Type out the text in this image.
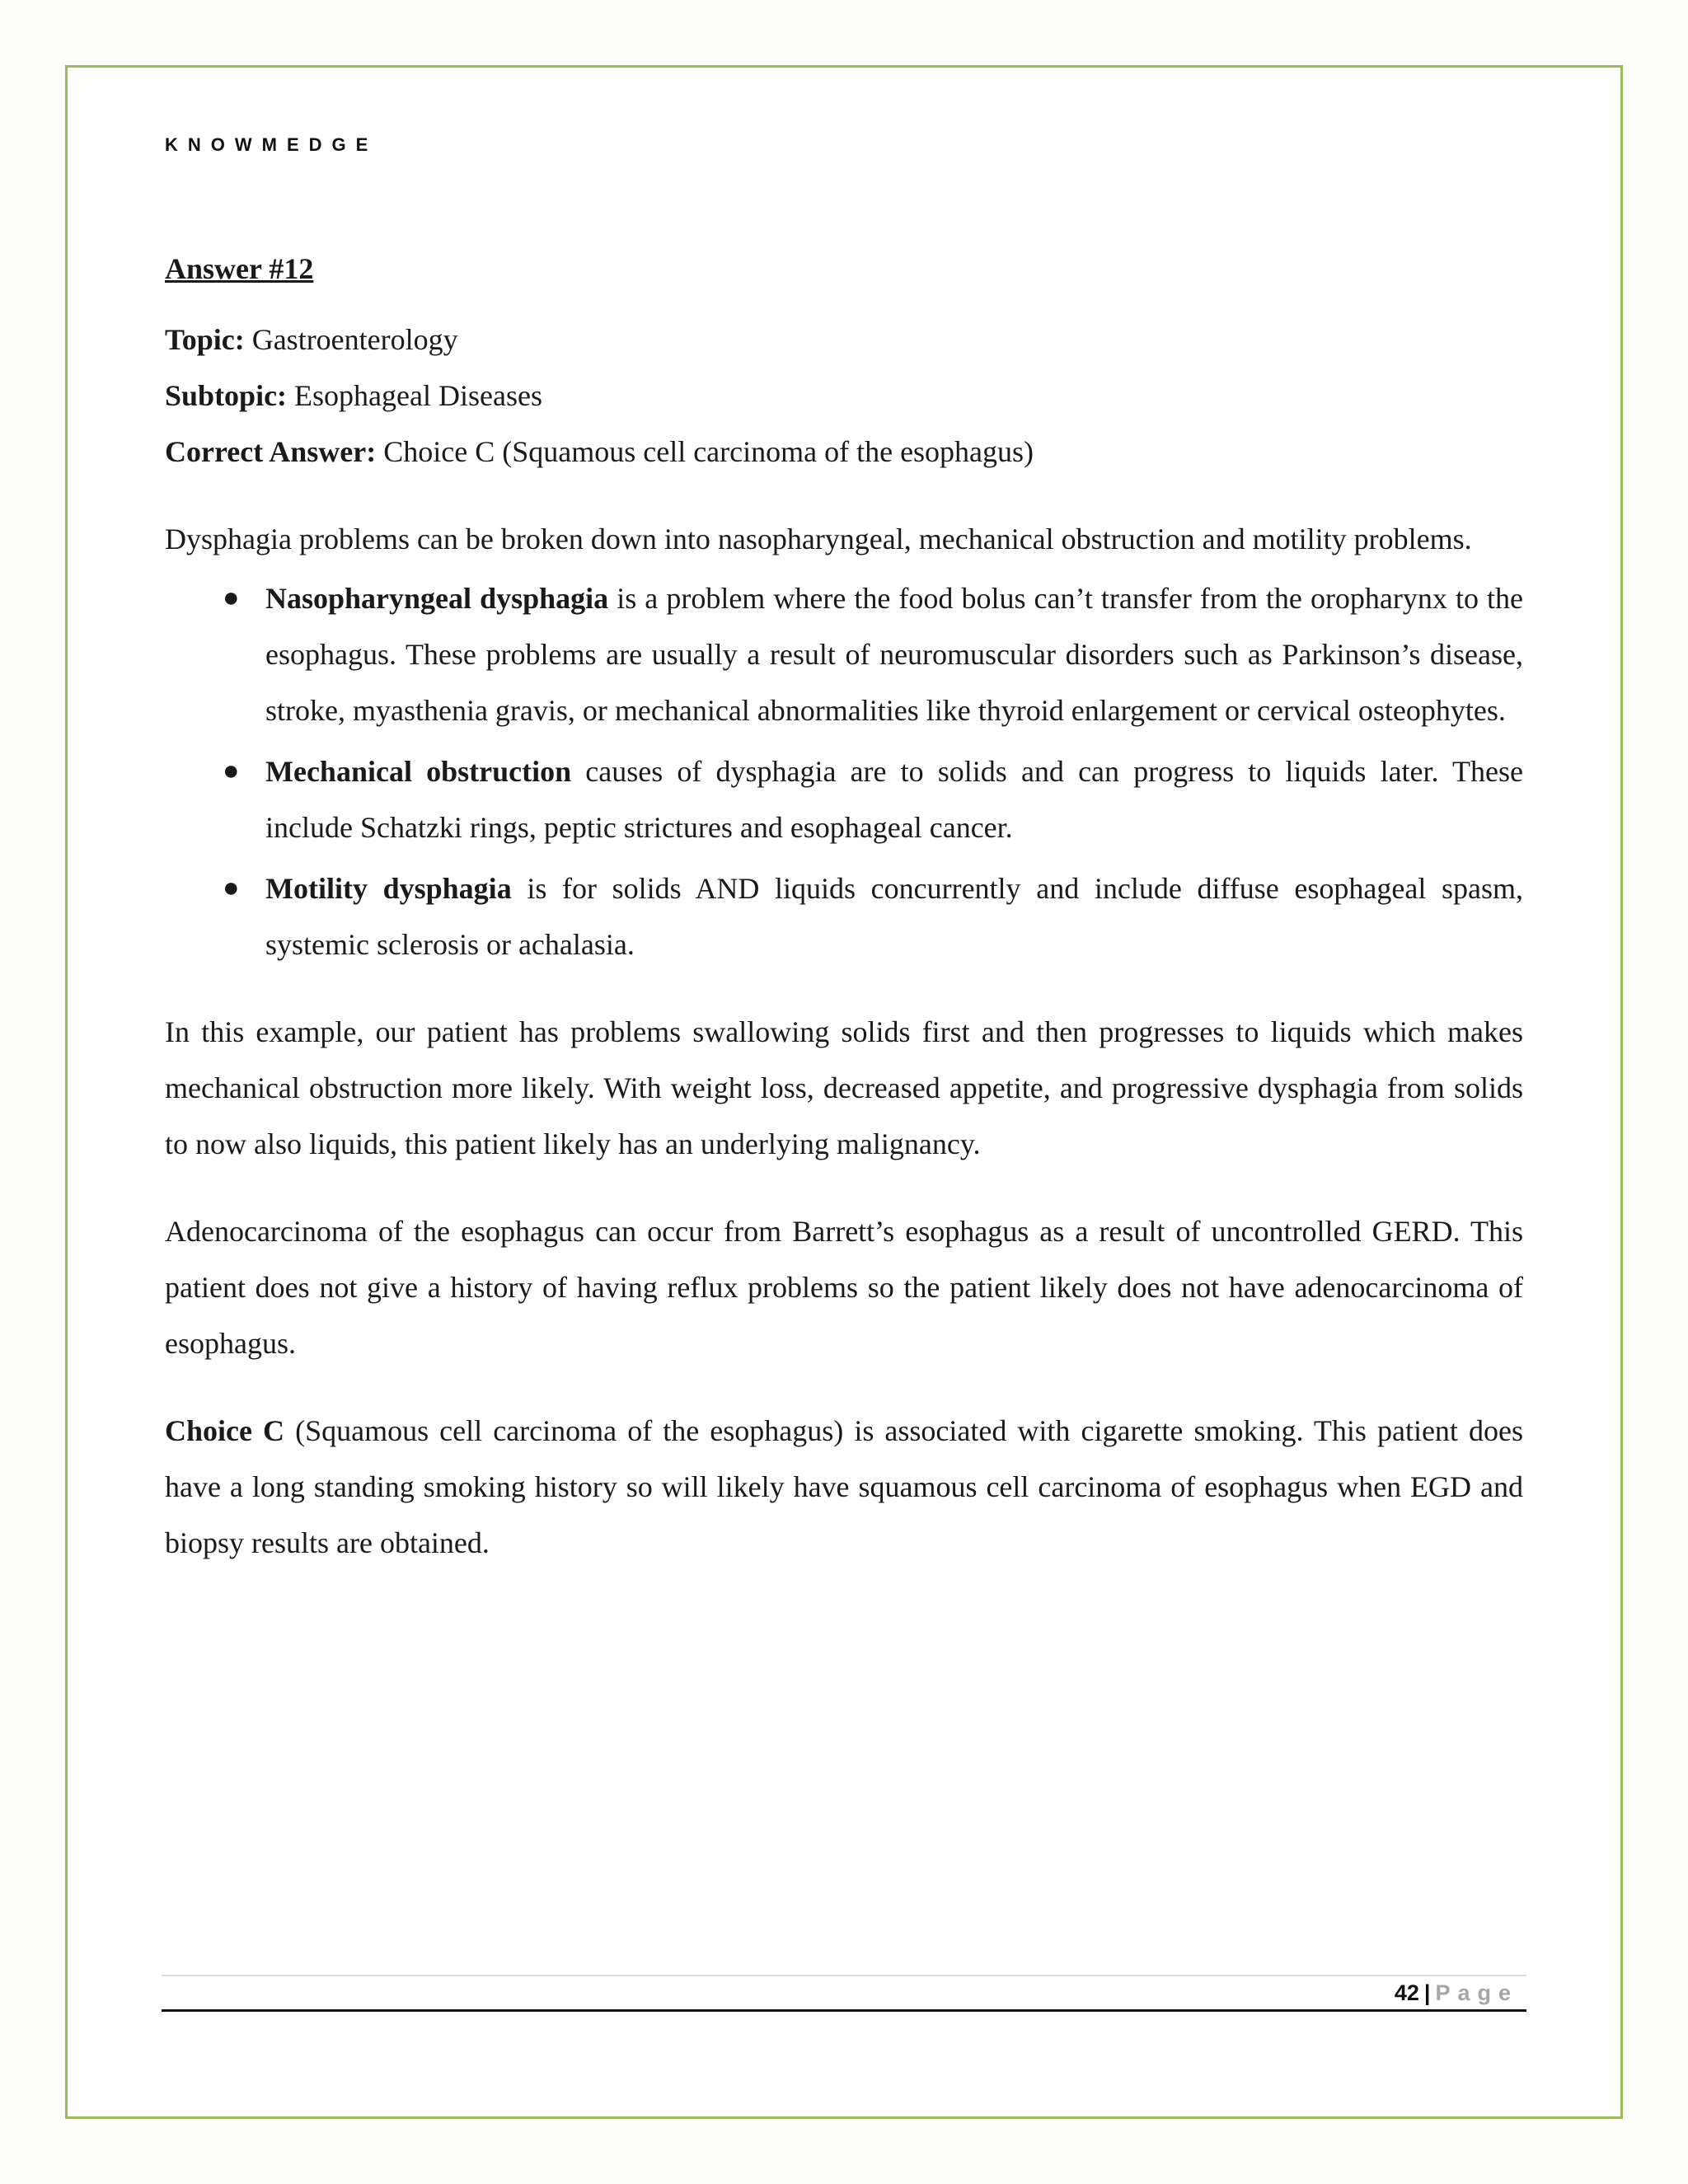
KNOWMEDGE

Answer #12

Topic: Gastroenterology

Subtopic: Esophageal Diseases

Correct Answer: Choice C (Squamous cell carcinoma of the esophagus)

Dysphagia problems can be broken down into nasopharyngeal, mechanical obstruction and motility problems.

● Nasopharyngeal dysphagia is a problem where the food bolus can’t transfer from the oropharynx to the esophagus. These problems are usually a result of neuromuscular disorders such as Parkinson’s disease, stroke, myasthenia gravis, or mechanical abnormalities like thyroid enlargement or cervical osteophytes.
● Mechanical obstruction causes of dysphagia are to solids and can progress to liquids later. These include Schatzki rings, peptic strictures and esophageal cancer.
● Motility dysphagia is for solids AND liquids concurrently and include diffuse esophageal spasm, systemic sclerosis or achalasia.

In this example, our patient has problems swallowing solids first and then progresses to liquids which makes mechanical obstruction more likely. With weight loss, decreased appetite, and progressive dysphagia from solids to now also liquids, this patient likely has an underlying malignancy.

Adenocarcinoma of the esophagus can occur from Barrett’s esophagus as a result of uncontrolled GERD. This patient does not give a history of having reflux problems so the patient likely does not have adenocarcinoma of esophagus.

Choice C (Squamous cell carcinoma of the esophagus) is associated with cigarette smoking. This patient does have a long standing smoking history so will likely have squamous cell carcinoma of esophagus when EGD and biopsy results are obtained.

42 | Page
